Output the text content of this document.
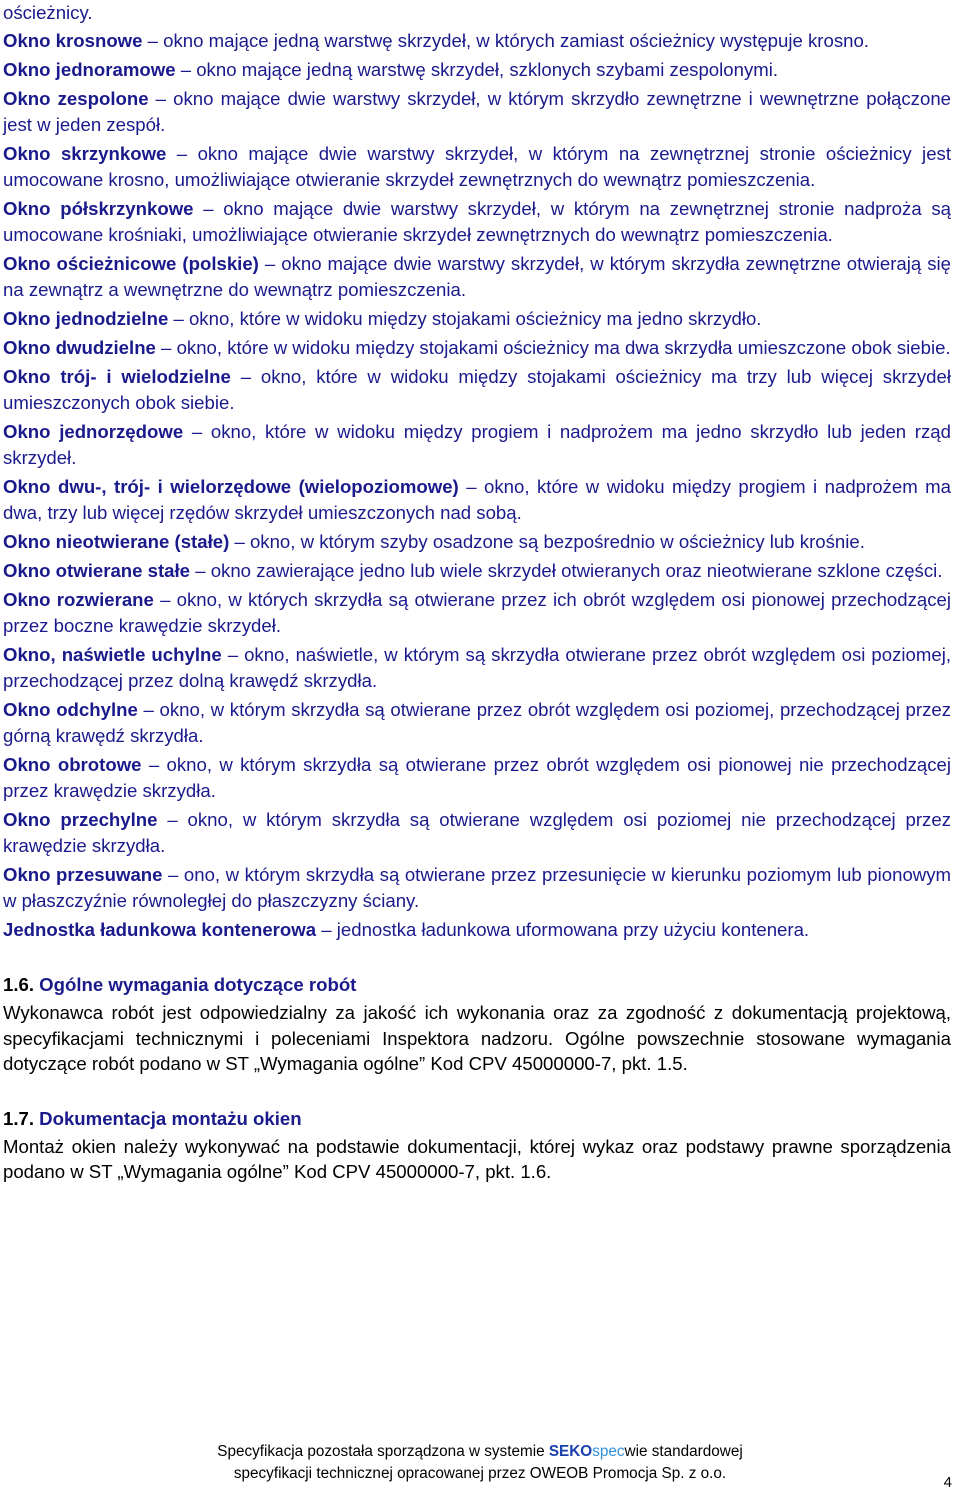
ościeżnicy.

Okno krosnowe – okno mające jedną warstwę skrzydeł, w których zamiast ościeżnicy występuje krosno.

Okno jednoramowe – okno mające jedną warstwę skrzydeł, szklonych szybami zespolonymi.

Okno zespolone – okno mające dwie warstwy skrzydeł, w którym skrzydło zewnętrzne i wewnętrzne połączone jest w jeden zespół.

Okno skrzynkowe – okno mające dwie warstwy skrzydeł, w którym na zewnętrznej stronie ościeżnicy jest umocowane krosno, umożliwiające otwieranie skrzydeł zewnętrznych do wewnątrz pomieszczenia.

Okno półskrzynkowe – okno mające dwie warstwy skrzydeł, w którym na zewnętrznej stronie nadproża są umocowane krośniaki, umożliwiające otwieranie skrzydeł zewnętrznych do wewnątrz pomieszczenia.

Okno ościeżnicowe (polskie) – okno mające dwie warstwy skrzydeł, w którym skrzydła zewnętrzne otwierają się na zewnątrz a wewnętrzne do wewnątrz pomieszczenia.

Okno jednodzielne – okno, które w widoku między stojakami ościeżnicy ma jedno skrzydło.

Okno dwudzielne – okno, które w widoku między stojakami ościeżnicy ma dwa skrzydła umieszczone obok siebie.

Okno trój- i wielodzielne – okno, które w widoku między stojakami ościeżnicy ma trzy lub więcej skrzydeł umieszczonych obok siebie.

Okno jednorzędowe – okno, które w widoku między progiem i nadprożem ma jedno skrzydło lub jeden rząd skrzydeł.

Okno dwu-, trój- i wielorzędowe (wielopoziomowe) – okno, które w widoku między progiem i nadprożem ma dwa, trzy lub więcej rzędów skrzydeł umieszczonych nad sobą.

Okno nieotwierane (stałe) – okno, w którym szyby osadzone są bezpośrednio w ościeżnicy lub krośnie.

Okno otwierane stałe – okno zawierające jedno lub wiele skrzydeł otwieranych oraz nieotwierane szklone części.

Okno rozwierane – okno, w których skrzydła są otwierane przez ich obrót względem osi pionowej przechodzącej przez boczne krawędzie skrzydeł.

Okno, naświetle uchylne – okno, naświetle, w którym są skrzydła otwierane przez obrót względem osi poziomej, przechodzącej przez dolną krawędź skrzydła.

Okno odchylne – okno, w którym skrzydła są otwierane przez obrót względem osi poziomej, przechodzącej przez górną krawędź skrzydła.

Okno obrotowe – okno, w którym skrzydła są otwierane przez obrót względem osi pionowej nie przechodzącej przez krawędzie skrzydła.

Okno przechylne – okno, w którym skrzydła są otwierane względem osi poziomej nie przechodzącej przez krawędzie skrzydła.

Okno przesuwane – ono, w którym skrzydła są otwierane przez przesunięcie w kierunku poziomym lub pionowym w płaszczyźnie równoległej do płaszczyzny ściany.

Jednostka ładunkowa kontenerowa – jednostka ładunkowa uformowana przy użyciu kontenera.

1.6. Ogólne wymagania dotyczące robót

Wykonawca robót jest odpowiedzialny za jakość ich wykonania oraz za zgodność z dokumentacją projektową, specyfikacjami technicznymi i poleceniami Inspektora nadzoru. Ogólne powszechnie stosowane wymagania dotyczące robót podano w ST „Wymagania ogólne” Kod CPV 45000000-7, pkt. 1.5.

1.7. Dokumentacja montażu okien

Montaż okien należy wykonywać na podstawie dokumentacji, której wykaz oraz podstawy prawne sporządzenia podano w ST „Wymagania ogólne” Kod CPV 45000000-7, pkt. 1.6.

Specyfikacja pozostała sporządzona w systemie SEKOspecwie standardowej
specyfikacji technicznej opracowanej przez OWEOB Promocja Sp. z o.o.
4
